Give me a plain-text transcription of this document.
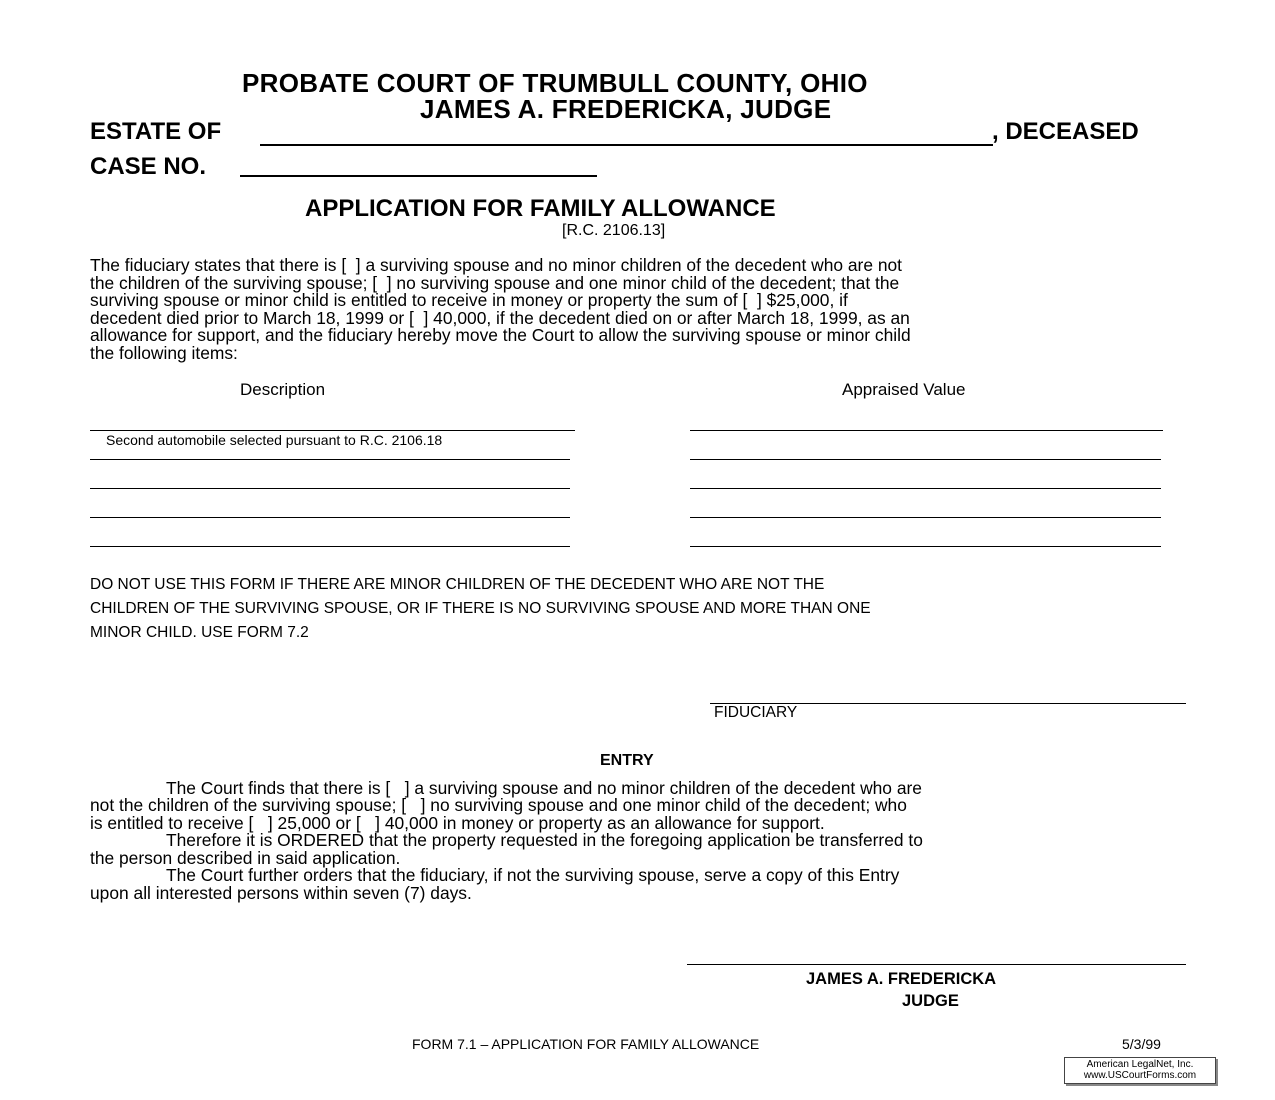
PROBATE COURT OF TRUMBULL COUNTY, OHIO
JAMES A. FREDERICKA, JUDGE
ESTATE OF	, DECEASED
CASE NO.
APPLICATION FOR FAMILY ALLOWANCE
[R.C. 2106.13]
The fiduciary states that there is [  ] a surviving spouse and no minor children of the decedent who are not
the children of the surviving spouse; [  ] no surviving spouse and one minor child of the decedent; that the
surviving spouse or minor child is entitled to receive in money or property the sum of [  ] $25,000, if
decedent died prior to March 18, 1999 or [  ] 40,000, if the decedent died on or after March 18, 1999, as an
allowance for support, and the fiduciary hereby move the Court to allow the surviving spouse or minor child
the following items:
Description	Appraised Value
Second automobile selected pursuant to R.C. 2106.18
DO NOT USE THIS FORM IF THERE ARE MINOR CHILDREN OF THE DECEDENT WHO ARE NOT THE
CHILDREN OF THE SURVIVING SPOUSE, OR IF THERE IS NO SURVIVING SPOUSE AND MORE THAN ONE
MINOR CHILD. USE FORM 7.2
FIDUCIARY
ENTRY
The Court finds that there is [   ] a surviving spouse and no minor children of the decedent who are
not the children of the surviving spouse; [   ] no surviving spouse and one minor child of the decedent; who
is entitled to receive [   ] 25,000 or [   ] 40,000 in money or property as an allowance for support.
Therefore it is ORDERED that the property requested in the foregoing application be transferred to
the person described in said application.
The Court further orders that the fiduciary, if not the surviving spouse, serve a copy of this Entry
upon all interested persons within seven (7) days.
JAMES A. FREDERICKA
JUDGE
FORM 7.1 – APPLICATION FOR FAMILY ALLOWANCE	5/3/99
American LegalNet, Inc.
www.USCourtForms.com
